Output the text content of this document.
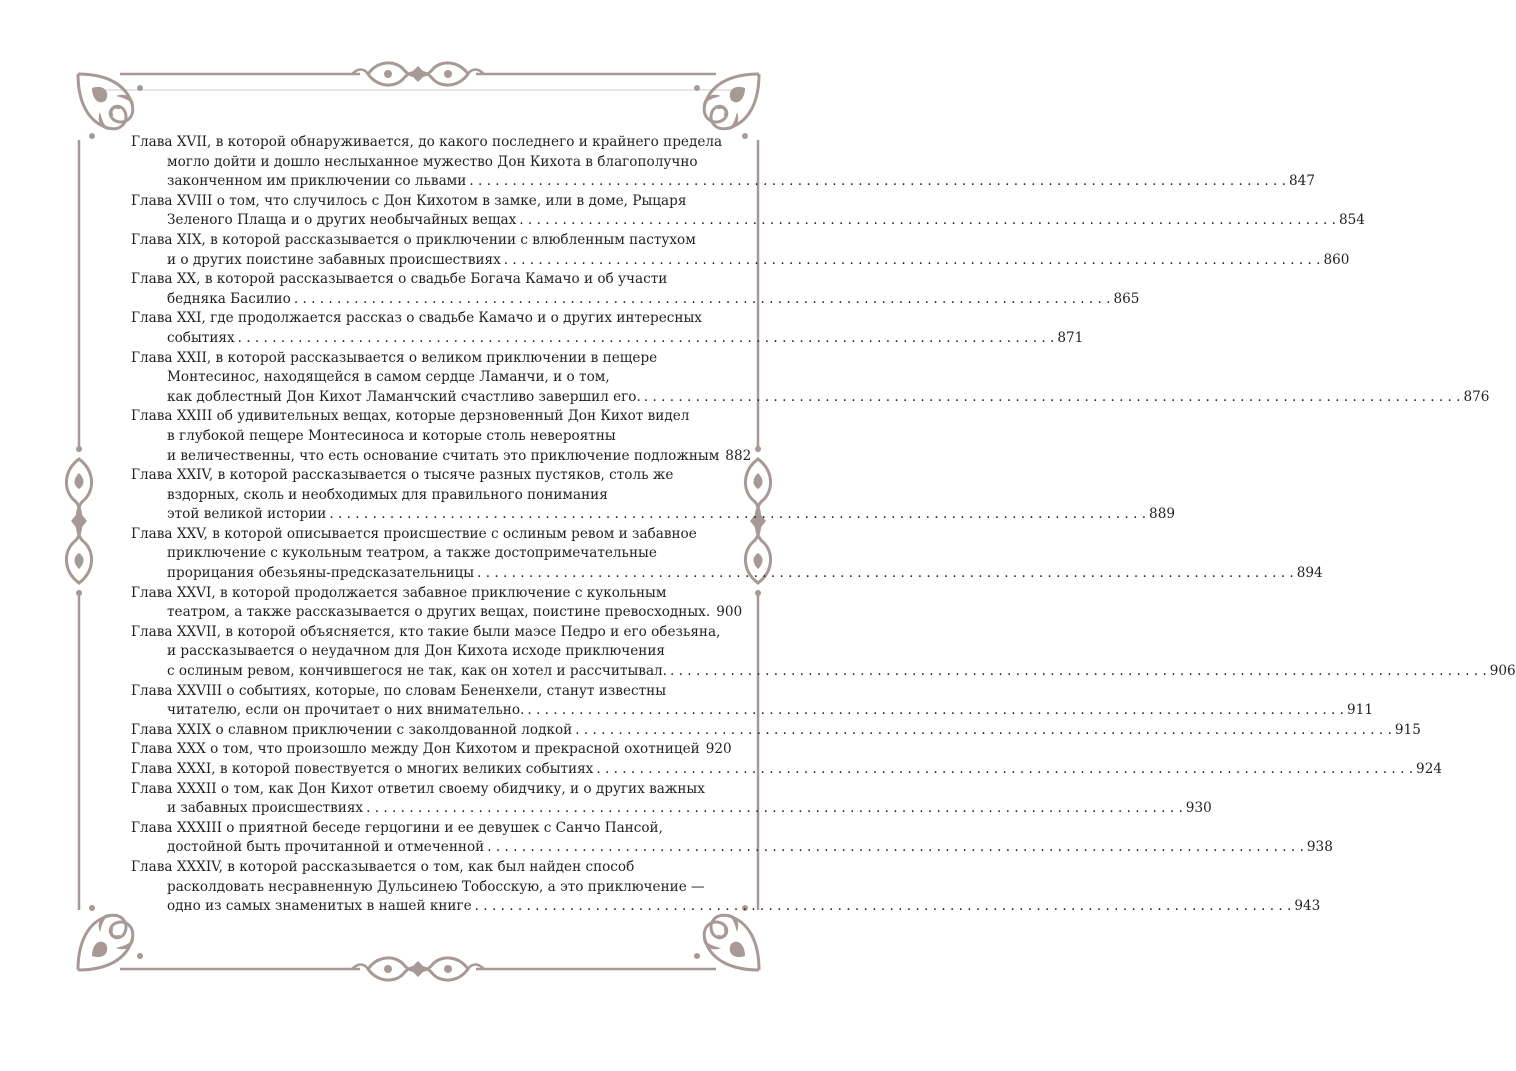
Глава XVII, в которой обнаруживается, до какого последнего и крайнего предела
могло дойти и дошло неслыханное мужество Дон Кихота в благополучно
законченном им приключении со львами . . .	847
Глава XVIII о том, что случилось с Дон Кихотом в замке, или в доме, Рыцаря
Зеленого Плаща и о других необычайных вещах . . .	854
Глава XIX, в которой рассказывается о приключении с влюбленным пастухом
и о других поистине забавных происшествиях . . .	860
Глава XX, в которой рассказывается о свадьбе Богача Камачо и об участи
бедняка Басилио . . .	865
Глава XXI, где продолжается рассказ о свадьбе Камачо и о других интересных
событиях . . .	871
Глава XXII, в которой рассказывается о великом приключении в пещере
Монтесинос, находящейся в самом сердце Ламанчи, и о том,
как доблестный Дон Кихот Ламанчский счастливо завершил его. . . .	876
Глава XXIII об удивительных вещах, которые дерзновенный Дон Кихот видел
в глубокой пещере Монтесиноса и которые столь невероятны
и величественны, что есть основание считать это приключение подложным 882
Глава XXIV, в которой рассказывается о тысяче разных пустяков, столь же
вздорных, сколь и необходимых для правильного понимания
этой великой истории . . .	889
Глава XXV, в которой описывается происшествие с ослиным ревом и забавное
приключение с кукольным театром, а также достопримечательные
прорицания обезьяны-предсказательницы . . .	894
Глава XXVI, в которой продолжается забавное приключение с кукольным
театром, а также рассказывается о других вещах, поистине превосходных. 900
Глава XXVII, в которой объясняется, кто такие были маэсе Педро и его обезьяна,
и рассказывается о неудачном для Дон Кихота исходе приключения
с ослиным ревом, кончившегося не так, как он хотел и рассчитывал. . . .	906
Глава XXVIII о событиях, которые, по словам Бененхели, станут известны
читателю, если он прочитает о них внимательно. . . .	911
Глава XXIX о славном приключении с заколдованной лодкой . . .	915
Глава XXX о том, что произошло между Дон Кихотом и прекрасной охотницей 920
Глава XXXI, в которой повествуется о многих великих событиях . . .	924
Глава XXXII о том, как Дон Кихот ответил своему обидчику, и о других важных
и забавных происшествиях . . .	930
Глава XXXIII о приятной беседе герцогини и ее девушек с Санчо Пансой,
достойной быть прочитанной и отмеченной . . .	938
Глава XXXIV, в которой рассказывается о том, как был найден способ
расколдовать несравненную Дульсинею Тобосскую, а это приключение —
одно из самых знаменитых в нашей книге . . .	943
